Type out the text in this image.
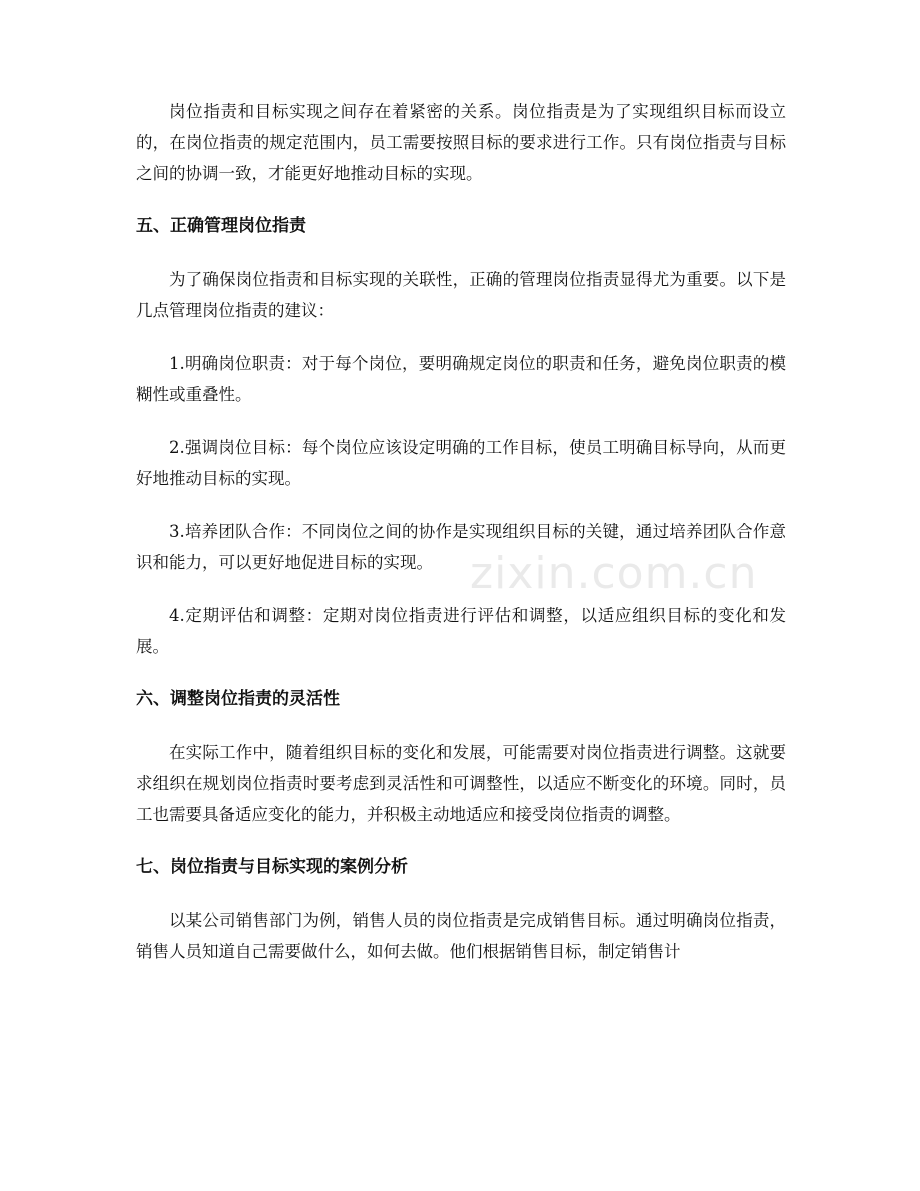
岗位指责和目标实现之间存在着紧密的关系。岗位指责是为了实现组织目标而设立的，在岗位指责的规定范围内，员工需要按照目标的要求进行工作。只有岗位指责与目标之间的协调一致，才能更好地推动目标的实现。

五、正确管理岗位指责

为了确保岗位指责和目标实现的关联性，正确的管理岗位指责显得尤为重要。以下是几点管理岗位指责的建议：

1.明确岗位职责：对于每个岗位，要明确规定岗位的职责和任务，避免岗位职责的模糊性或重叠性。

2.强调岗位目标：每个岗位应该设定明确的工作目标，使员工明确目标导向，从而更好地推动目标的实现。

3.培养团队合作：不同岗位之间的协作是实现组织目标的关键，通过培养团队合作意识和能力，可以更好地促进目标的实现。

4.定期评估和调整：定期对岗位指责进行评估和调整，以适应组织目标的变化和发展。

六、调整岗位指责的灵活性

在实际工作中，随着组织目标的变化和发展，可能需要对岗位指责进行调整。这就要求组织在规划岗位指责时要考虑到灵活性和可调整性，以适应不断变化的环境。同时，员工也需要具备适应变化的能力，并积极主动地适应和接受岗位指责的调整。

七、岗位指责与目标实现的案例分析

以某公司销售部门为例，销售人员的岗位指责是完成销售目标。通过明确岗位指责，销售人员知道自己需要做什么，如何去做。他们根据销售目标，制定销售计

zixin.com.cn
